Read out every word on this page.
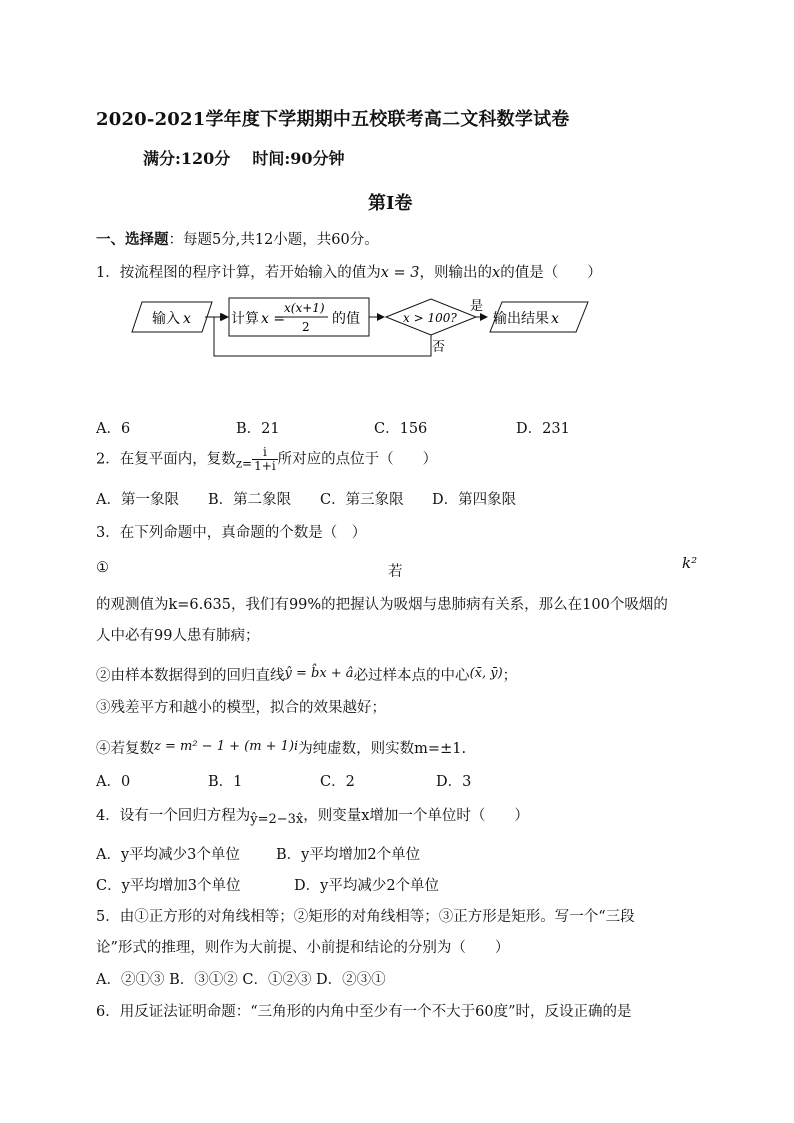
2020-2021学年度下学期期中五校联考高二文科数学试卷
满分:120分 时间:90分钟
第Ⅰ卷
一、选择题：每题5分,共12小题，共60分。
1．按流程图的程序计算，若开始输入的值为x = 3，则输出的x的值是（　　）
输入 x	计算 x =
x(x+1)
2 的值	x > 100?
是
输出结果 x
否
A．6	B．21	C．156	D．231
2．在复平面内，复数$_{z=} \frac{i}{1+i}$ 所对应的点位于（　　）
A．第一象限 B．第二象限 C．第三象限 D．第四象限
3．在下列命题中，真命题的个数是（　）
①	若	k²
的观测值为k=6.635，我们有99%的把握认为吸烟与患肺病有关系，那么在100个吸烟的
人中必有99人患有肺病；
②由样本数据得到的回归直线ŷ = b̂x + â必过样本点的中心(x̄, ȳ)；
③残差平方和越小的模型，拟合的效果越好；
④若复数z = m² − 1 + (m + 1)i为纯虚数，则实数m=±1.
A．0	B．1	C．2	D．3
4．设有一个回归方程为ŷ=2−3x̂，则变量x增加一个单位时（　　）
A．y平均减少3个单位 B．y平均增加2个单位
C．y平均增加3个单位	D．y平均减少2个单位
5．由①正方形的对角线相等；②矩形的对角线相等；③正方形是矩形。写一个“三段
论”形式的推理，则作为大前提、小前提和结论的分别为（　　）
A．②①③ B．③①② C．①②③ D．②③①
6．用反证法证明命题：“三角形的内角中至少有一个不大于60度”时，反设正确的是
